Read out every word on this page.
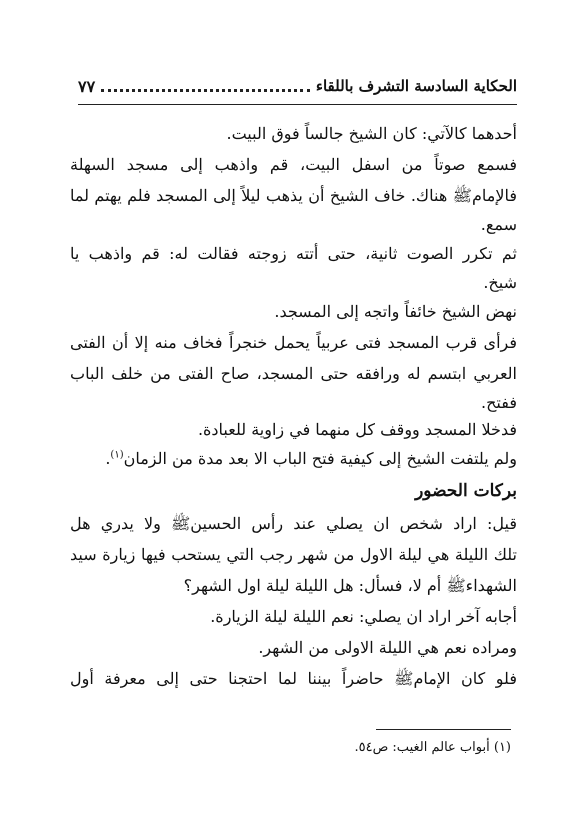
الحكاية السادسة التشرف باللقاء
٧٧
أحدهما كالآتي: كان الشيخ جالساً فوق البيت.
فسمع صوتاً من اسفل البيت، قم واذهب إلى مسجد السهلة
فالإمامﷺ هناك. خاف الشيخ أن يذهب ليلاً إلى المسجد فلم يهتم لما
سمع.
ثم تكرر الصوت ثانية، حتى أتته زوجته فقالت له: قم واذهب يا
شيخ.
نهض الشيخ خائفاً واتجه إلى المسجد.
فرأى قرب المسجد فتى عربياً يحمل خنجراً فخاف منه إلا أن الفتى
العربي ابتسم له ورافقه حتى المسجد، صاح الفتى من خلف الباب
ففتح.
فدخلا المسجد ووقف كل منهما في زاوية للعبادة.
ولم يلتفت الشيخ إلى كيفية فتح الباب الا بعد مدة من الزمان$^{(١)}$.
بركات الحضور
قيل: اراد شخص ان يصلي عند رأس الحسينﷺ ولا يدري هل
تلك الليلة هي ليلة الاول من شهر رجب التي يستحب فيها زيارة سيد
الشهداءﷺ أم لا، فسأل: هل الليلة ليلة اول الشهر؟
أجابه آخر اراد ان يصلي: نعم الليلة ليلة الزيارة.
ومراده نعم هي الليلة الاولى من الشهر.
فلو كان الإمامﷺ حاضراً بيننا لما احتجنا حتى إلى معرفة أول
(١) أبواب عالم الغيب: ص٥٤.
